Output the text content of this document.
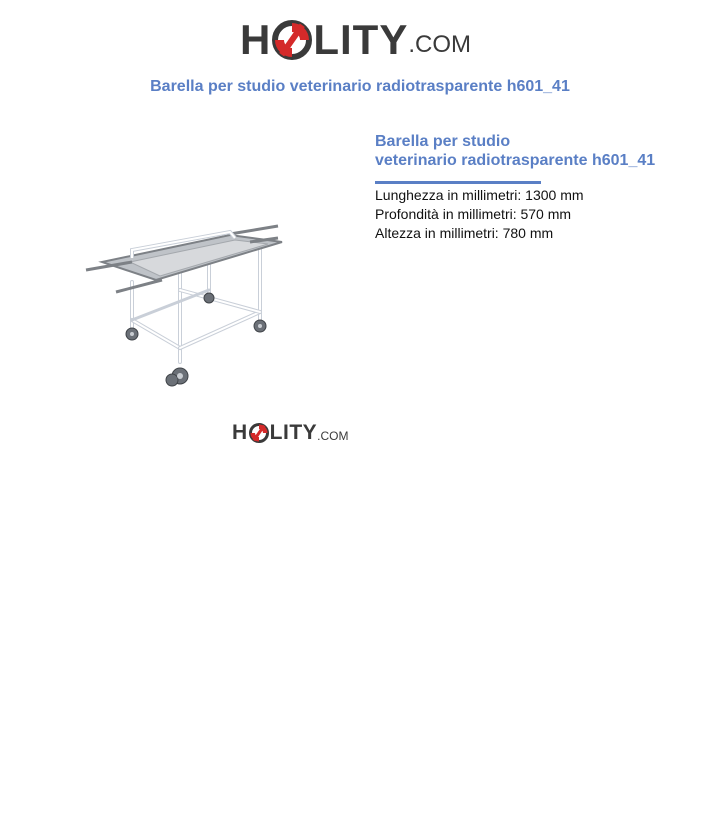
H LITY .COM
Barella per studio veterinario radiotrasparente h601_41
H LITY .COM
Barella per studio
veterinario radiotrasparente h601_41
Lunghezza in millimetri: 1300 mm
Profondità in millimetri: 570 mm
Altezza in millimetri: 780 mm
